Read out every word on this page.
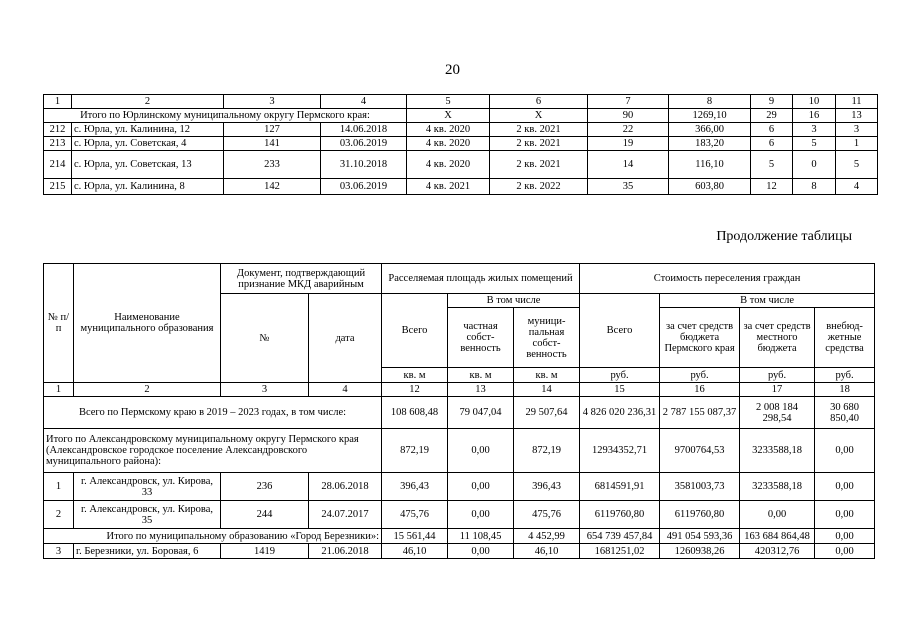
20
1	2	3	4	5	6	7	8	9	10	11
Итого по Юрлинскому муниципальному округу Пермского края:				Х	Х	90	1269,10	29	16	13
212	с. Юрла, ул. Калинина, 12	127	14.06.2018	4 кв. 2020	2 кв. 2021	22	366,00	6	3	3
213	с. Юрла, ул. Советская, 4	141	03.06.2019	4 кв. 2020	2 кв. 2021	19	183,20	6	5	1
214	с. Юрла, ул. Советская, 13	233	31.10.2018	4 кв. 2020	2 кв. 2021	14	116,10	5	0	5
215	с. Юрла, ул. Калинина, 8	142	03.06.2019	4 кв. 2021	2 кв. 2022	35	603,80	12	8	4
Продолжение таблицы
№ п/п	Наименование муниципального образования	Документ, подтверждающий признание МКД аварийным		Расселяемая площадь жилых помещений			Стоимость переселения граждан			
		№	дата	Всего	В том числе		Всего	В том числе		
					частная собст-венность	муници-пальная собст-венность		за счет средств бюджета Пермского края	за счет средств местного бюджета	внебюд-жетные средства
				кв. м	кв. м	кв. м	руб.	руб.	руб.	руб.
1	2	3	4	12	13	14	15	16	17	18
Всего по Пермскому краю в 2019 – 2023 годах, в том числе:				108 608,48	79 047,04	29 507,64	4 826 020 236,31	2 787 155 087,37	2 008 184 298,54	30 680 850,40
Итого по Александровскому муниципальному округу Пермского края (Александровское городское поселение Александровского муниципального района):				872,19	0,00	872,19	12934352,71	9700764,53	3233588,18	0,00
1	г. Александровск, ул. Кирова, 33	236	28.06.2018	396,43	0,00	396,43	6814591,91	3581003,73	3233588,18	0,00
2	г. Александровск, ул. Кирова, 35	244	24.07.2017	475,76	0,00	475,76	6119760,80	6119760,80	0,00	0,00
Итого по муниципальному образованию «Город Березники»:				15 561,44	11 108,45	4 452,99	654 739 457,84	491 054 593,36	163 684 864,48	0,00
3	г. Березники, ул. Боровая, 6	1419	21.06.2018	46,10	0,00	46,10	1681251,02	1260938,26	420312,76	0,00
